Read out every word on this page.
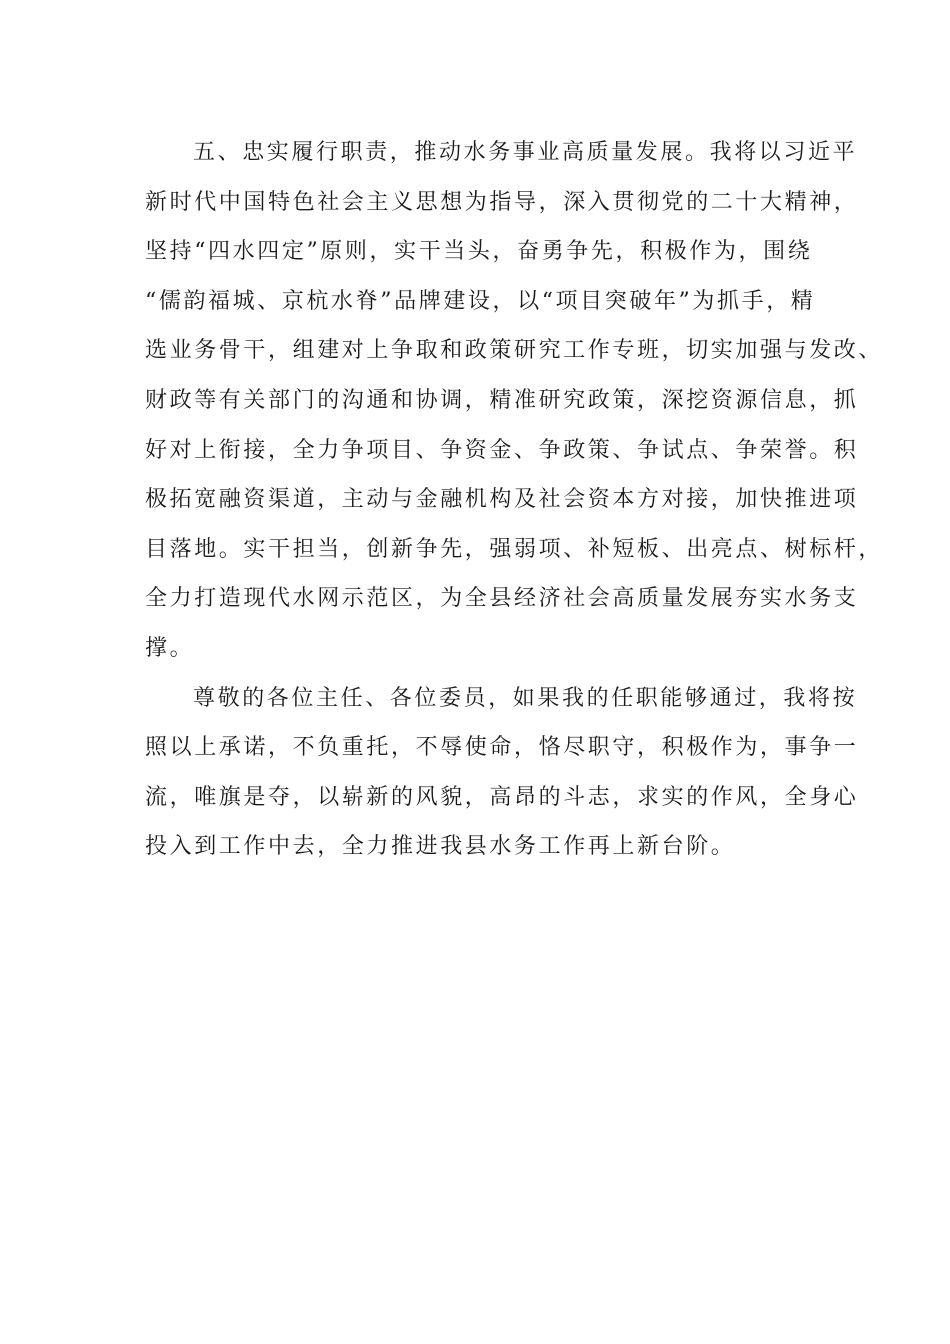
五、忠实履行职责，推动水务事业高质量发展。我将以习近平
新时代中国特色社会主义思想为指导，深入贯彻党的二十大精神，
坚持“四水四定”原则，实干当头，奋勇争先，积极作为，围绕
“儒韵福城、京杭水脊”品牌建设，以“项目突破年”为抓手，精
选业务骨干，组建对上争取和政策研究工作专班，切实加强与发改、
财政等有关部门的沟通和协调，精准研究政策，深挖资源信息，抓
好对上衔接，全力争项目、争资金、争政策、争试点、争荣誉。积
极拓宽融资渠道，主动与金融机构及社会资本方对接，加快推进项
目落地。实干担当，创新争先，强弱项、补短板、出亮点、树标杆，
全力打造现代水网示范区，为全县经济社会高质量发展夯实水务支
撑。
尊敬的各位主任、各位委员，如果我的任职能够通过，我将按
照以上承诺，不负重托，不辱使命，恪尽职守，积极作为，事争一
流，唯旗是夺，以崭新的风貌，高昂的斗志，求实的作风，全身心
投入到工作中去，全力推进我县水务工作再上新台阶。
